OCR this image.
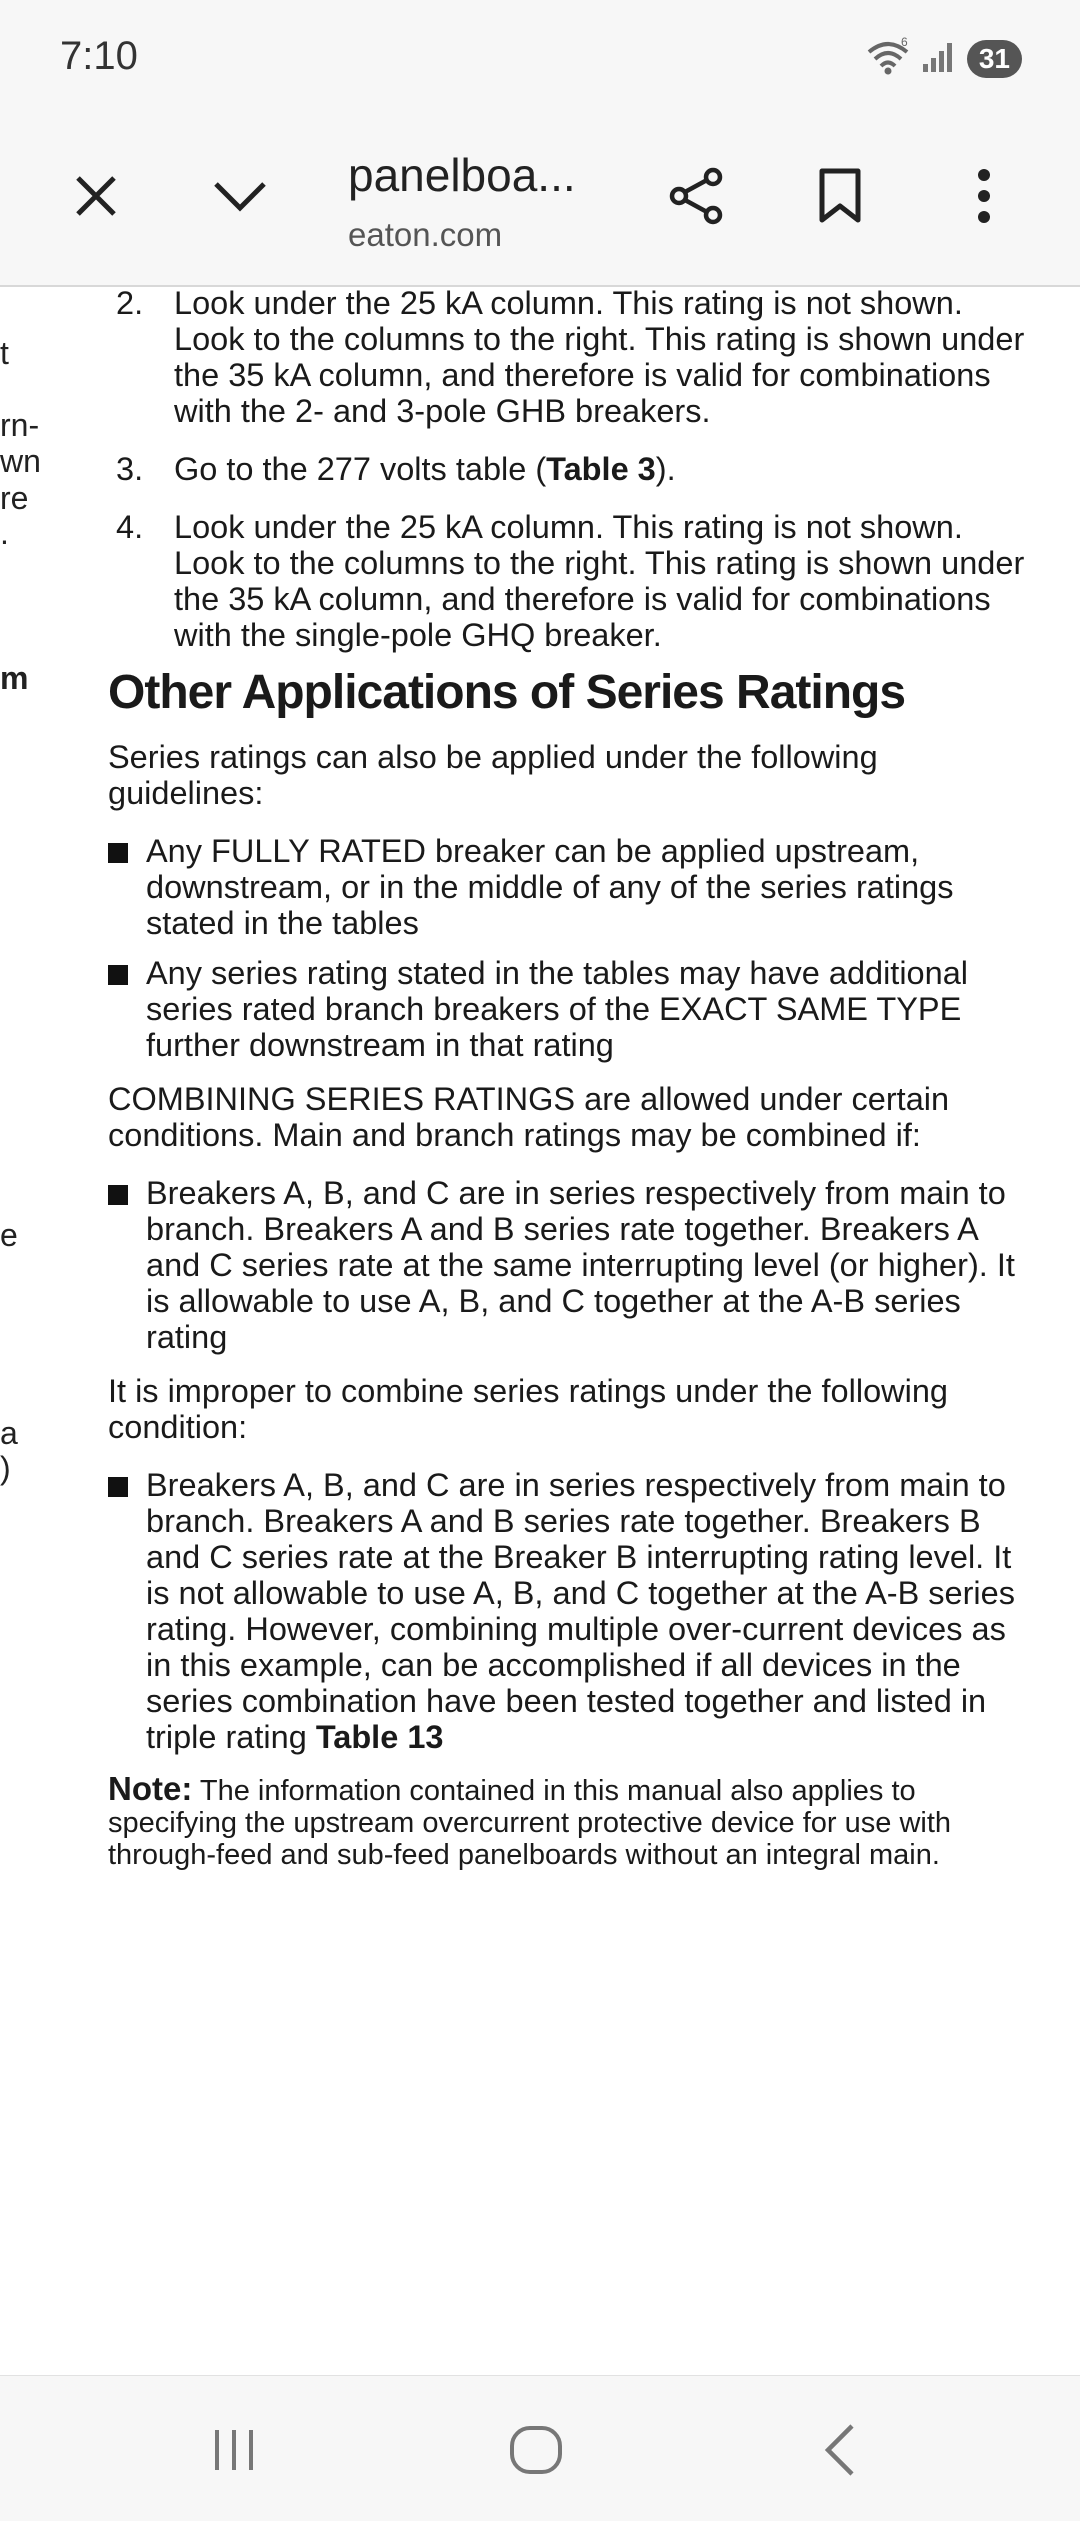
7:10	6
31
panelboa...
eaton.com
t
rn-
wn
re
.
m
e
a
)
2. Look under the 25 kA column. This rating is not shown. Look to the columns to the right. This rating is shown under the 35 kA column, and therefore is valid for combinations with the 2- and 3-pole GHB breakers.
3. Go to the 277 volts table (Table 3).
4. Look under the 25 kA column. This rating is not shown. Look to the columns to the right. This rating is shown under the 35 kA column, and therefore is valid for combinations with the single-pole GHQ breaker.
Other Applications of Series Ratings

Series ratings can also be applied under the following guidelines:

Any FULLY RATED breaker can be applied upstream, downstream, or in the middle of any of the series ratings stated in the tables
Any series rating stated in the tables may have additional series rated branch breakers of the EXACT SAME TYPE further downstream in that rating

COMBINING SERIES RATINGS are allowed under certain conditions. Main and branch ratings may be combined if:

Breakers A, B, and C are in series respectively from main to branch. Breakers A and B series rate together. Breakers A and C series rate at the same interrupting level (or higher). It is allowable to use A, B, and C together at the A-B series rating

It is improper to combine series ratings under the following condition:

Breakers A, B, and C are in series respectively from main to branch. Breakers A and B series rate together. Breakers B and C series rate at the Breaker B interrupting rating level. It is not allowable to use A, B, and C together at the A-B series rating. However, combining multiple over-current devices as in this example, can be accomplished if all devices in the series combination have been tested together and listed in triple rating Table 13

Note: The information contained in this manual also applies to specifying the upstream overcurrent protective device for use with through-feed and sub-feed panelboards without an integral main.
